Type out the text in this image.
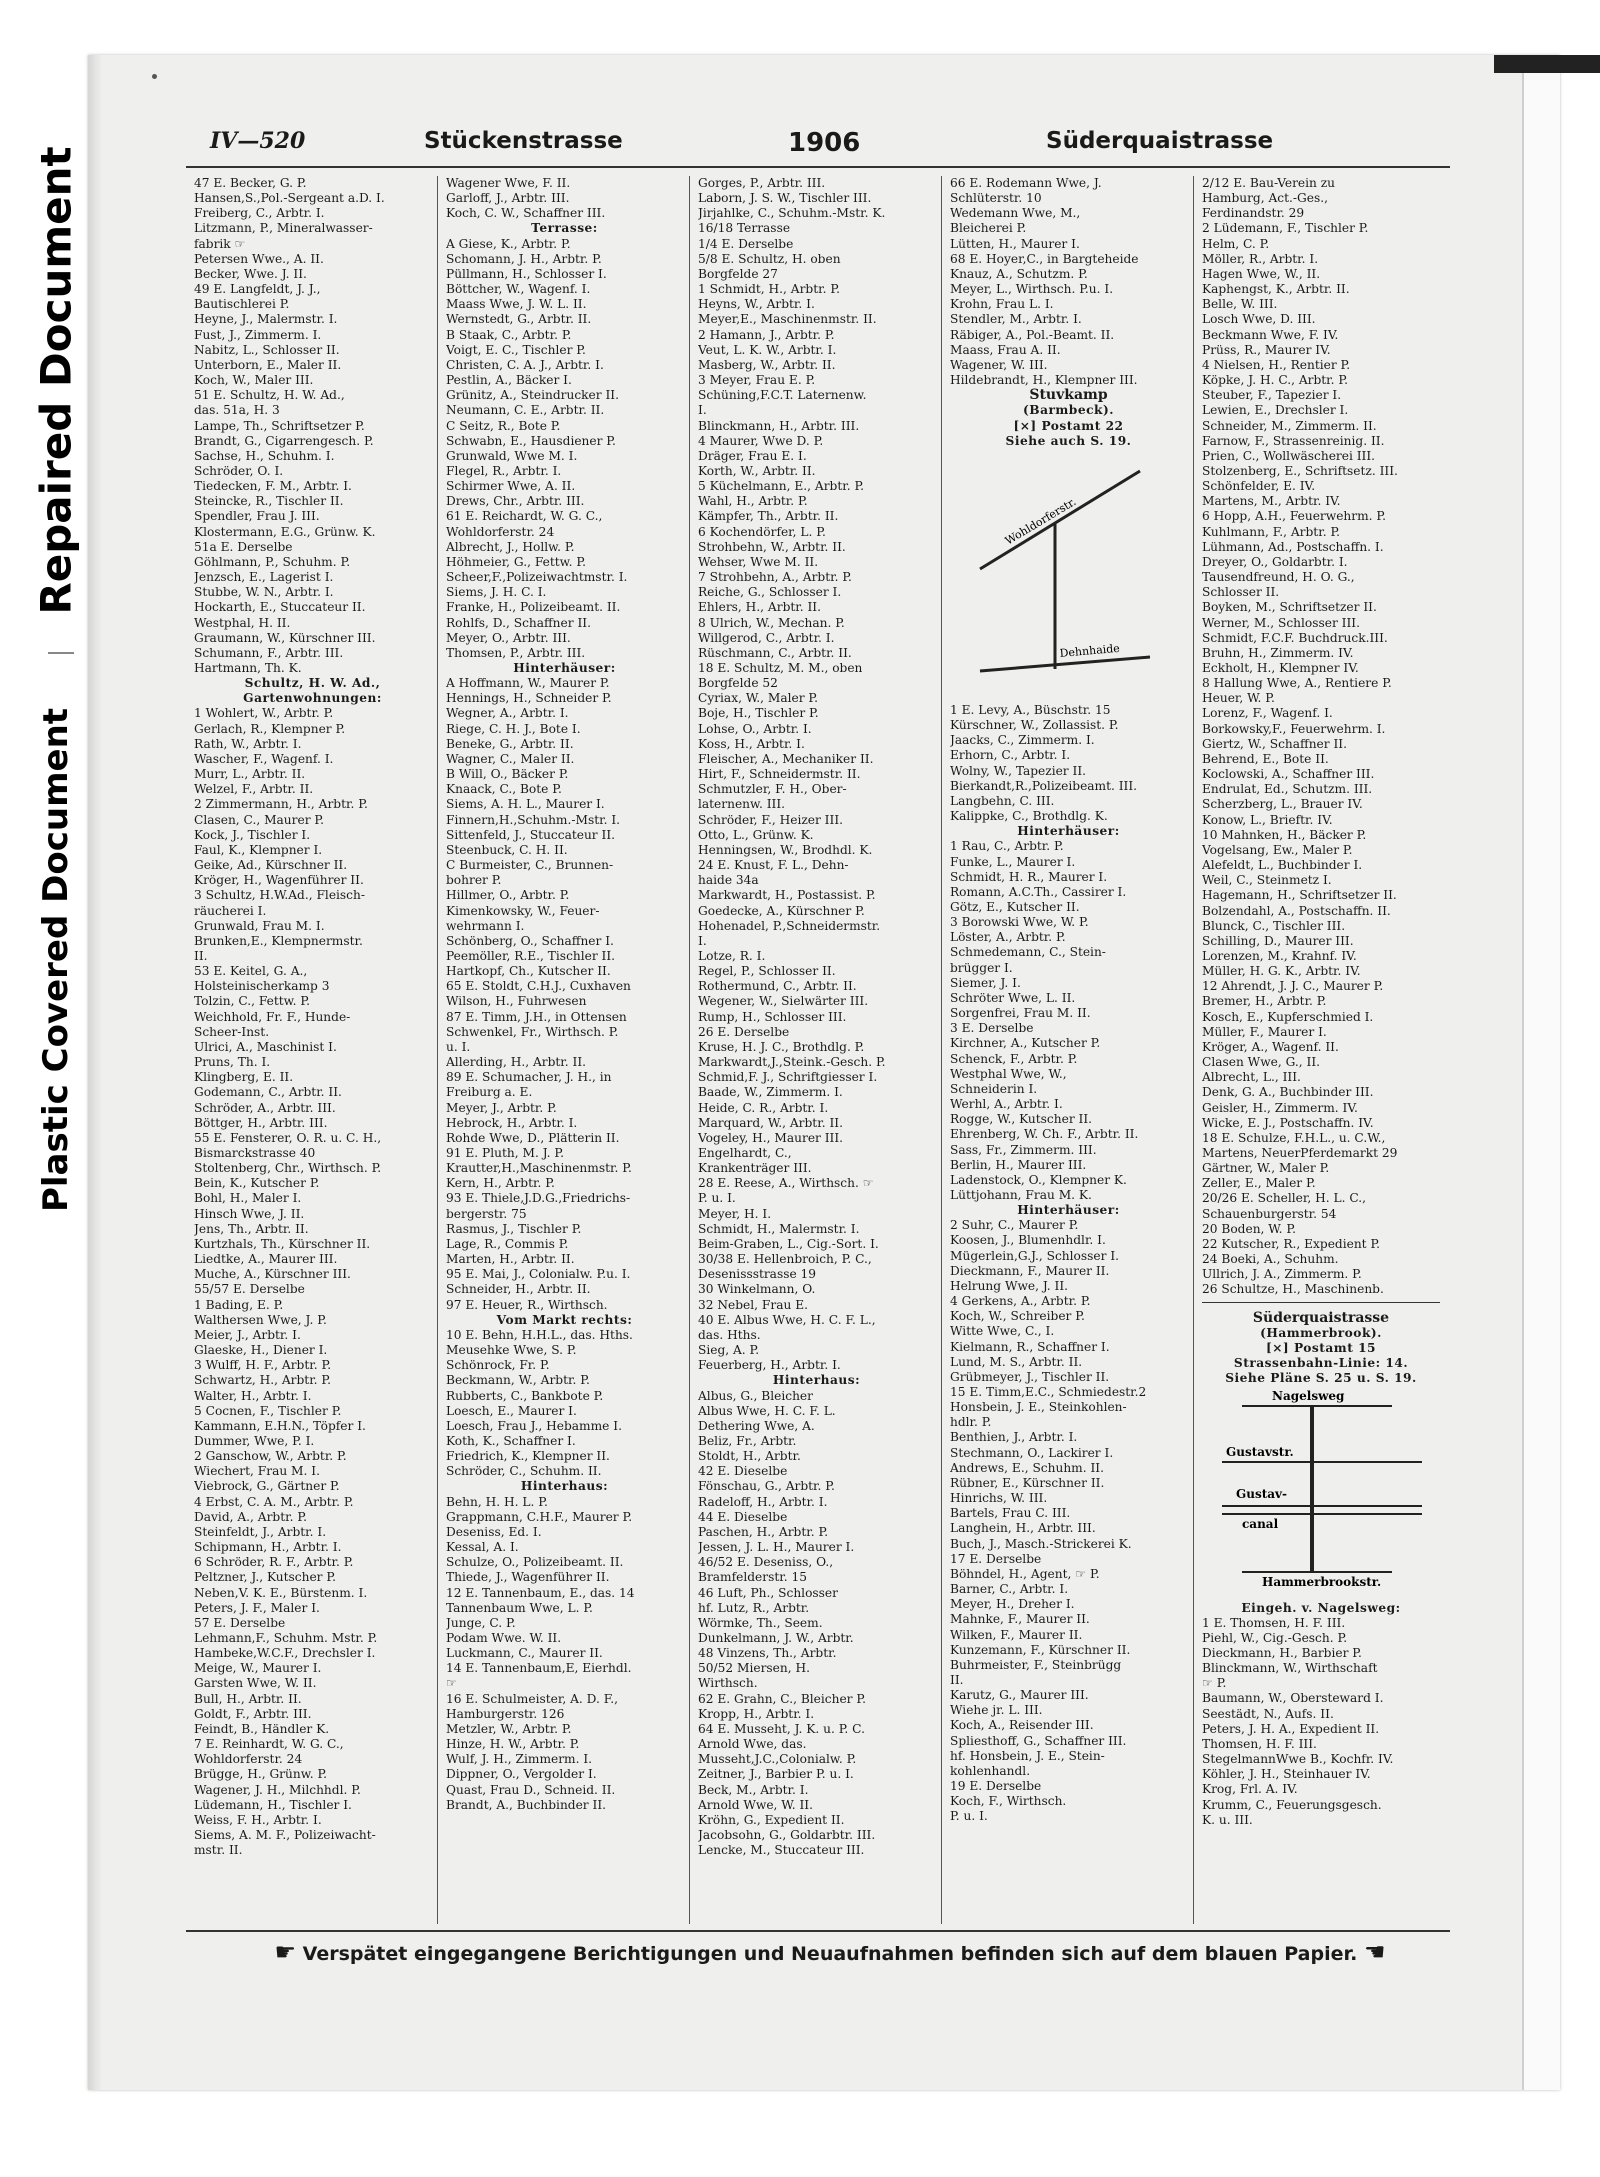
Repaired Document
Plastic Covered Document
IV—520	Stückenstrasse	1906	Süderquaistrasse
47 E. Becker, G. P.
Hansen,S.,Pol.-Sergeant a.D. I.
Freiberg, C., Arbtr. I.
Litzmann, P., Mineralwasser-
fabrik ☞
Petersen Wwe., A. II.
Becker, Wwe. J. II.
49 E. Langfeldt, J. J.,
Bautischlerei P.
Heyne, J., Malermstr. I.
Fust, J., Zimmerm. I.
Nabitz, L., Schlosser II.
Unterborn, E., Maler II.
Koch, W., Maler III.
51 E. Schultz, H. W. Ad.,
das. 51a, H. 3
Lampe, Th., Schriftsetzer P.
Brandt, G., Cigarrengesch. P.
Sachse, H., Schuhm. I.
Schröder, O. I.
Tiedecken, F. M., Arbtr. I.
Steincke, R., Tischler II.
Spendler, Frau J. III.
Klostermann, E.G., Grünw. K.
51a E. Derselbe
Göhlmann, P., Schuhm. P.
Jenzsch, E., Lagerist I.
Stubbe, W. N., Arbtr. I.
Hockarth, E., Stuccateur II.
Westphal, H. II.
Graumann, W., Kürschner III.
Schumann, F., Arbtr. III.
Hartmann, Th. K.
Schultz, H. W. Ad.,
Gartenwohnungen:
1 Wohlert, W., Arbtr. P.
Gerlach, R., Klempner P.
Rath, W., Arbtr. I.
Wascher, F., Wagenf. I.
Murr, L., Arbtr. II.
Welzel, F., Arbtr. II.
2 Zimmermann, H., Arbtr. P.
Clasen, C., Maurer P.
Kock, J., Tischler I.
Faul, K., Klempner I.
Geike, Ad., Kürschner II.
Kröger, H., Wagenführer II.
3 Schultz, H.W.Ad., Fleisch-
räucherei I.
Grunwald, Frau M. I.
Brunken,E., Klempnermstr.
II.
53 E. Keitel, G. A.,
Holsteinischerkamp 3
Tolzin, C., Fettw. P.
Weichhold, Fr. F., Hunde-
Scheer-Inst.
Ulrici, A., Maschinist I.
Pruns, Th. I.
Klingberg, E. II.
Godemann, C., Arbtr. II.
Schröder, A., Arbtr. III.
Böttger, H., Arbtr. III.
55 E. Fensterer, O. R. u. C. H.,
Bismarckstrasse 40
Stoltenberg, Chr., Wirthsch. P.
Bein, K., Kutscher P.
Bohl, H., Maler I.
Hinsch Wwe, J. II.
Jens, Th., Arbtr. II.
Kurtzhals, Th., Kürschner II.
Liedtke, A., Maurer III.
Muche, A., Kürschner III.
55/57 E. Derselbe
1 Bading, E. P.
Walthersen Wwe, J. P.
Meier, J., Arbtr. I.
Glaeske, H., Diener I.
3 Wulff, H. F., Arbtr. P.
Schwartz, H., Arbtr. P.
Walter, H., Arbtr. I.
5 Cocnen, F., Tischler P.
Kammann, E.H.N., Töpfer I.
Dummer, Wwe, P. I.
2 Ganschow, W., Arbtr. P.
Wiechert, Frau M. I.
Viebrock, G., Gärtner P.
4 Erbst, C. A. M., Arbtr. P.
David, A., Arbtr. P.
Steinfeldt, J., Arbtr. I.
Schipmann, H., Arbtr. I.
6 Schröder, R. F., Arbtr. P.
Peltzner, J., Kutscher P.
Neben,V. K. E., Bürstenm. I.
Peters, J. F., Maler I.
57 E. Derselbe
Lehmann,F., Schuhm. Mstr. P.
Hambeke,W.C.F., Drechsler I.
Meige, W., Maurer I.
Garsten Wwe, W. II.
Bull, H., Arbtr. II.
Goldt, F., Arbtr. III.
Feindt, B., Händler K.
7 E. Reinhardt, W. G. C.,
Wohldorferstr. 24
Brügge, H., Grünw. P.
Wagener, J. H., Milchhdl. P.
Lüdemann, H., Tischler I.
Weiss, F. H., Arbtr. I.
Siems, A. M. F., Polizeiwacht-
mstr. II.
Wagener Wwe, F. II.
Garloff, J., Arbtr. III.
Koch, C. W., Schaffner III.
Terrasse:
A Giese, K., Arbtr. P.
Schomann, J. H., Arbtr. P.
Püllmann, H., Schlosser I.
Böttcher, W., Wagenf. I.
Maass Wwe, J. W. L. II.
Wernstedt, G., Arbtr. II.
B Staak, C., Arbtr. P.
Voigt, E. C., Tischler P.
Christen, C. A. J., Arbtr. I.
Pestlin, A., Bäcker I.
Grünitz, A., Steindrucker II.
Neumann, C. E., Arbtr. II.
C Seitz, R., Bote P.
Schwabn, E., Hausdiener P.
Grunwald, Wwe M. I.
Flegel, R., Arbtr. I.
Schirmer Wwe, A. II.
Drews, Chr., Arbtr. III.
61 E. Reichardt, W. G. C.,
Wohldorferstr. 24
Albrecht, J., Hollw. P.
Höhmeier, G., Fettw. P.
Scheer,F.,Polizeiwachtmstr. I.
Siems, J. H. C. I.
Franke, H., Polizeibeamt. II.
Rohlfs, D., Schaffner II.
Meyer, O., Arbtr. III.
Thomsen, P., Arbtr. III.
Hinterhäuser:
A Hoffmann, W., Maurer P.
Hennings, H., Schneider P.
Wegner, A., Arbtr. I.
Riege, C. H. J., Bote I.
Beneke, G., Arbtr. II.
Wagner, C., Maler II.
B Will, O., Bäcker P.
Knaack, C., Bote P.
Siems, A. H. L., Maurer I.
Finnern,H.,Schuhm.-Mstr. I.
Sittenfeld, J., Stuccateur II.
Steenbuck, C. H. II.
C Burmeister, C., Brunnen-
bohrer P.
Hillmer, O., Arbtr. P.
Kimenkowsky, W., Feuer-
wehrmann I.
Schönberg, O., Schaffner I.
Peemöller, R.E., Tischler II.
Hartkopf, Ch., Kutscher II.
65 E. Stoldt, C.H.J., Cuxhaven
Wilson, H., Fuhrwesen
87 E. Timm, J.H., in Ottensen
Schwenkel, Fr., Wirthsch. P.
u. I.
Allerding, H., Arbtr. II.
89 E. Schumacher, J. H., in
Freiburg a. E.
Meyer, J., Arbtr. P.
Hebrock, H., Arbtr. I.
Rohde Wwe, D., Plätterin II.
91 E. Pluth, M. J. P.
Krautter,H.,Maschinenmstr. P.
Kern, H., Arbtr. P.
93 E. Thiele,J.D.G.,Friedrichs-
bergerstr. 75
Rasmus, J., Tischler P.
Lage, R., Commis P.
Marten, H., Arbtr. II.
95 E. Mai, J., Colonialw. P.u. I.
Schneider, H., Arbtr. II.
97 E. Heuer, R., Wirthsch.
Vom Markt rechts:
10 E. Behn, H.H.L., das. Hths.
Meusehke Wwe, S. P.
Schönrock, Fr. P.
Beckmann, W., Arbtr. P.
Rubberts, C., Bankbote P.
Loesch, E., Maurer I.
Loesch, Frau J., Hebamme I.
Koth, K., Schaffner I.
Friedrich, K., Klempner II.
Schröder, C., Schuhm. II.
Hinterhaus:
Behn, H. H. L. P.
Grappmann, C.H.F., Maurer P.
Deseniss, Ed. I.
Kessal, A. I.
Schulze, O., Polizeibeamt. II.
Thiede, J., Wagenführer II.
12 E. Tannenbaum, E., das. 14
Tannenbaum Wwe, L. P.
Junge, C. P.
Podam Wwe. W. II.
Luckmann, C., Maurer II.
14 E. Tannenbaum,E, Eierhdl.
☞
16 E. Schulmeister, A. D. F.,
Hamburgerstr. 126
Metzler, W., Arbtr. P.
Hinze, H. W., Arbtr. P.
Wulf, J. H., Zimmerm. I.
Dippner, O., Vergolder I.
Quast, Frau D., Schneid. II.
Brandt, A., Buchbinder II.
Gorges, P., Arbtr. III.
Laborn, J. S. W., Tischler III.
Jirjahlke, C., Schuhm.-Mstr. K.
16/18 Terrasse
1/4 E. Derselbe
5/8 E. Schultz, H. oben
Borgfelde 27
1 Schmidt, H., Arbtr. P.
Heyns, W., Arbtr. I.
Meyer,E., Maschinenmstr. II.
2 Hamann, J., Arbtr. P.
Veut, L. K. W., Arbtr. I.
Masberg, W., Arbtr. II.
3 Meyer, Frau E. P.
Schüning,F.C.T. Laternenw.
I.
Blinckmann, H., Arbtr. III.
4 Maurer, Wwe D. P.
Dräger, Frau E. I.
Korth, W., Arbtr. II.
5 Küchelmann, E., Arbtr. P.
Wahl, H., Arbtr. P.
Kämpfer, Th., Arbtr. II.
6 Kochendörfer, L. P.
Strohbehn, W., Arbtr. II.
Wehser, Wwe M. II.
7 Strohbehn, A., Arbtr. P.
Reiche, G., Schlosser I.
Ehlers, H., Arbtr. II.
8 Ulrich, W., Mechan. P.
Willgerod, C., Arbtr. I.
Rüschmann, C., Arbtr. II.
18 E. Schultz, M. M., oben
Borgfelde 52
Cyriax, W., Maler P.
Boje, H., Tischler P.
Lohse, O., Arbtr. I.
Koss, H., Arbtr. I.
Fleischer, A., Mechaniker II.
Hirt, F., Schneidermstr. II.
Schmutzler, F. H., Ober-
laternenw. III.
Schröder, F., Heizer III.
Otto, L., Grünw. K.
Henningsen, W., Brodhdl. K.
24 E. Knust, F. L., Dehn-
haide 34a
Markwardt, H., Postassist. P.
Goedecke, A., Kürschner P.
Hohenadel, P.,Schneidermstr.
I.
Lotze, R. I.
Regel, P., Schlosser II.
Rothermund, C., Arbtr. II.
Wegener, W., Sielwärter III.
Rump, H., Schlosser III.
26 E. Derselbe
Kruse, H. J. C., Brothdlg. P.
Markwardt,J.,Steink.-Gesch. P.
Schmid,F. J., Schriftgiesser I.
Baade, W., Zimmerm. I.
Heide, C. R., Arbtr. I.
Marquard, W., Arbtr. II.
Vogeley, H., Maurer III.
Engelhardt, C.,
Krankenträger III.
28 E. Reese, A., Wirthsch. ☞
P. u. I.
Meyer, H. I.
Schmidt, H., Malermstr. I.
Beim-Graben, L., Cig.-Sort. I.
30/38 E. Hellenbroich, P. C.,
Desenissstrasse 19
30 Winkelmann, O.
32 Nebel, Frau E.
40 E. Albus Wwe, H. C. F. L.,
das. Hths.
Sieg, A. P.
Feuerberg, H., Arbtr. I.
Hinterhaus:
Albus, G., Bleicher
Albus Wwe, H. C. F. L.
Dethering Wwe, A.
Beliz, Fr., Arbtr.
Stoldt, H., Arbtr.
42 E. Dieselbe
Fönschau, G., Arbtr. P.
Radeloff, H., Arbtr. I.
44 E. Dieselbe
Paschen, H., Arbtr. P.
Jessen, J. L. H., Maurer I.
46/52 E. Deseniss, O.,
Bramfelderstr. 15
46 Luft, Ph., Schlosser
hf. Lutz, R., Arbtr.
Wörmke, Th., Seem.
Dunkelmann, J. W., Arbtr.
48 Vinzens, Th., Arbtr.
50/52 Miersen, H.
Wirthsch.
62 E. Grahn, C., Bleicher P.
Kropp, H., Arbtr. I.
64 E. Musseht, J. K. u. P. C.
Arnold Wwe, das.
Musseht,J.C.,Colonialw. P.
Zeitner, J., Barbier P. u. I.
Beck, M., Arbtr. I.
Arnold Wwe, W. II.
Kröhn, G., Expedient II.
Jacobsohn, G., Goldarbtr. III.
Lencke, M., Stuccateur III.
66 E. Rodemann Wwe, J.
Schlüterstr. 10
Wedemann Wwe, M.,
Bleicherei P.
Lütten, H., Maurer I.
68 E. Hoyer,C., in Bargteheide
Knauz, A., Schutzm. P.
Meyer, L., Wirthsch. P.u. I.
Krohn, Frau L. I.
Stendler, M., Arbtr. I.
Räbiger, A., Pol.-Beamt. II.
Maass, Frau A. II.
Wagener, W. III.
Hildebrandt, H., Klempner III.
Stuvkamp
(Barmbeck).
[×] Postamt 22
Siehe auch S. 19.
Wohldorferstr.
Dehnhaide
1 E. Levy, A., Büschstr. 15
Kürschner, W., Zollassist. P.
Jaacks, C., Zimmerm. I.
Erhorn, C., Arbtr. I.
Wolny, W., Tapezier II.
Bierkandt,R.,Polizeibeamt. III.
Langbehn, C. III.
Kalippke, C., Brothdlg. K.
Hinterhäuser:
1 Rau, C., Arbtr. P.
Funke, L., Maurer I.
Schmidt, H. R., Maurer I.
Romann, A.C.Th., Cassirer I.
Götz, E., Kutscher II.
3 Borowski Wwe, W. P.
Löster, A., Arbtr. P.
Schmedemann, C., Stein-
brügger I.
Siemer, J. I.
Schröter Wwe, L. II.
Sorgenfrei, Frau M. II.
3 E. Derselbe
Kirchner, A., Kutscher P.
Schenck, F., Arbtr. P.
Westphal Wwe, W.,
Schneiderin I.
Werhl, A., Arbtr. I.
Rogge, W., Kutscher II.
Ehrenberg, W. Ch. F., Arbtr. II.
Sass, Fr., Zimmerm. III.
Berlin, H., Maurer III.
Ladenstock, O., Klempner K.
Lüttjohann, Frau M. K.
Hinterhäuser:
2 Suhr, C., Maurer P.
Koosen, J., Blumenhdlr. I.
Mügerlein,G.J., Schlosser I.
Dieckmann, F., Maurer II.
Helrung Wwe, J. II.
4 Gerkens, A., Arbtr. P.
Koch, W., Schreiber P.
Witte Wwe, C., I.
Kielmann, R., Schaffner I.
Lund, M. S., Arbtr. II.
Grübmeyer, J., Tischler II.
15 E. Timm,E.C., Schmiedestr.2
Honsbein, J. E., Steinkohlen-
hdlr. P.
Benthien, J., Arbtr. I.
Stechmann, O., Lackirer I.
Andrews, E., Schuhm. II.
Rübner, E., Kürschner II.
Hinrichs, W. III.
Bartels, Frau C. III.
Langhein, H., Arbtr. III.
Buch, J., Masch.-Strickerei K.
17 E. Derselbe
Böhndel, H., Agent, ☞ P.
Barner, C., Arbtr. I.
Meyer, H., Dreher I.
Mahnke, F., Maurer II.
Wilken, F., Maurer II.
Kunzemann, F., Kürschner II.
Buhrmeister, F., Steinbrügg
II.
Karutz, G., Maurer III.
Wiehe jr. L. III.
Koch, A., Reisender III.
Spliesthoff, G., Schaffner III.
hf. Honsbein, J. E., Stein-
kohlenhandl.
19 E. Derselbe
Koch, F., Wirthsch.
P. u. I.
2/12 E. Bau-Verein zu
Hamburg, Act.-Ges.,
Ferdinandstr. 29
2 Lüdemann, F., Tischler P.
Helm, C. P.
Möller, R., Arbtr. I.
Hagen Wwe, W., II.
Kaphengst, K., Arbtr. II.
Belle, W. III.
Losch Wwe, D. III.
Beckmann Wwe, F. IV.
Prüss, R., Maurer IV.
4 Nielsen, H., Rentier P.
Köpke, J. H. C., Arbtr. P.
Steuber, F., Tapezier I.
Lewien, E., Drechsler I.
Schneider, M., Zimmerm. II.
Farnow, F., Strassenreinig. II.
Prien, C., Wollwäscherei III.
Stolzenberg, E., Schriftsetz. III.
Schönfelder, E. IV.
Martens, M., Arbtr. IV.
6 Hopp, A.H., Feuerwehrm. P.
Kuhlmann, F., Arbtr. P.
Lühmann, Ad., Postschaffn. I.
Dreyer, O., Goldarbtr. I.
Tausendfreund, H. O. G.,
Schlosser II.
Boyken, M., Schriftsetzer II.
Werner, M., Schlosser III.
Schmidt, F.C.F. Buchdruck.III.
Bruhn, H., Zimmerm. IV.
Eckholt, H., Klempner IV.
8 Hallung Wwe, A., Rentiere P.
Heuer, W. P.
Lorenz, F., Wagenf. I.
Borkowsky,F., Feuerwehrm. I.
Giertz, W., Schaffner II.
Behrend, E., Bote II.
Koclowski, A., Schaffner III.
Endrulat, Ed., Schutzm. III.
Scherzberg, L., Brauer IV.
Konow, L., Brieftr. IV.
10 Mahnken, H., Bäcker P.
Vogelsang, Ew., Maler P.
Alefeldt, L., Buchbinder I.
Weil, C., Steinmetz I.
Hagemann, H., Schriftsetzer II.
Bolzendahl, A., Postschaffn. II.
Blunck, C., Tischler III.
Schilling, D., Maurer III.
Lorenzen, M., Krahnf. IV.
Müller, H. G. K., Arbtr. IV.
12 Ahrendt, J. J. C., Maurer P.
Bremer, H., Arbtr. P.
Kosch, E., Kupferschmied I.
Müller, F., Maurer I.
Kröger, A., Wagenf. II.
Clasen Wwe, G., II.
Albrecht, L., III.
Denk, G. A., Buchbinder III.
Geisler, H., Zimmerm. IV.
Wicke, E. J., Postschaffn. IV.
18 E. Schulze, F.H.L., u. C.W.,
Martens, NeuerPferdemarkt 29
Gärtner, W., Maler P.
Zeller, E., Maler P.
20/26 E. Scheller, H. L. C.,
Schauenburgerstr. 54
20 Boden, W. P.
22 Kutscher, R., Expedient P.
24 Boeki, A., Schuhm.
Ullrich, J. A., Zimmerm. P.
26 Schultze, H., Maschinenb.
Süderquaistrasse
(Hammerbrook).
[×] Postamt 15
Strassenbahn-Linie: 14.
Siehe Pläne S. 25 u. S. 19.
Nagelsweg
Gustavstr.
Gustav-
canal
Hammerbrookstr.
Eingeh. v. Nagelsweg:
1 E. Thomsen, H. F. III.
Piehl, W., Cig.-Gesch. P.
Dieckmann, H., Barbier P.
Blinckmann, W., Wirthschaft
☞ P.
Baumann, W., Obersteward I.
Seestädt, N., Aufs. II.
Peters, J. H. A., Expedient II.
Thomsen, H. F. III.
StegelmannWwe B., Kochfr. IV.
Köhler, J. H., Steinhauer IV.
Krog, Frl. A. IV.
Krumm, C., Feuerungsgesch.
K. u. III.
☛ Verspätet eingegangene Berichtigungen und Neuaufnahmen befinden sich auf dem blauen Papier. ☚
